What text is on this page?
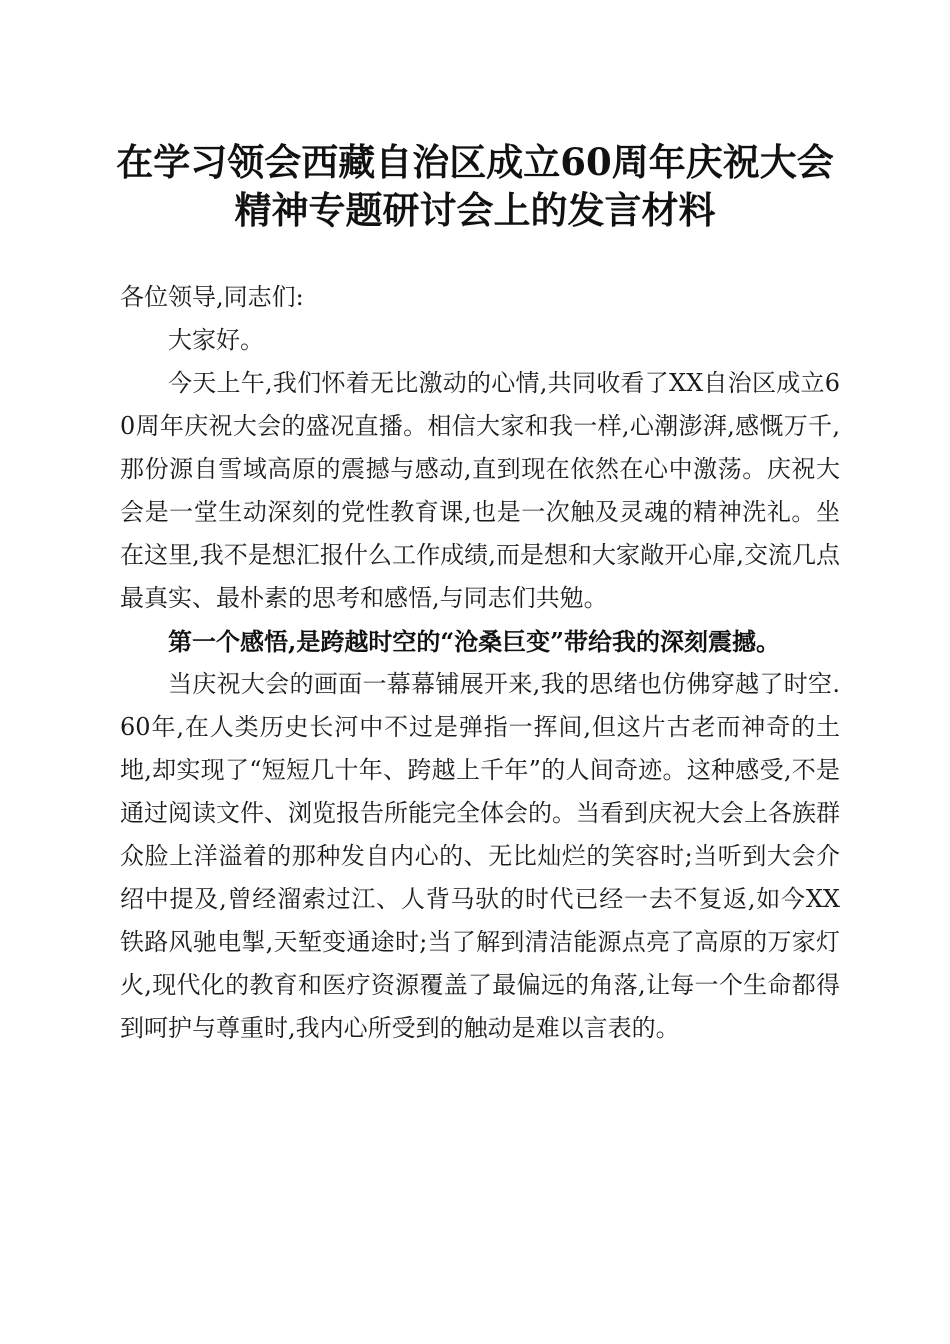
在学习领会西藏自治区成立60周年庆祝大会
精神专题研讨会上的发言材料

各位领导,同志们:

大家好。

今天上午,我们怀着无比激动的心情,共同收看了XX自治区成立60周年庆祝大会的盛况直播。相信大家和我一样,心潮澎湃,感慨万千,那份源自雪域高原的震撼与感动,直到现在依然在心中激荡。庆祝大会是一堂生动深刻的党性教育课,也是一次触及灵魂的精神洗礼。坐在这里,我不是想汇报什么工作成绩,而是想和大家敞开心扉,交流几点最真实、最朴素的思考和感悟,与同志们共勉。

第一个感悟,是跨越时空的“沧桑巨变”带给我的深刻震撼。

当庆祝大会的画面一幕幕铺展开来,我的思绪也仿佛穿越了时空.60年,在人类历史长河中不过是弹指一挥间,但这片古老而神奇的土地,却实现了“短短几十年、跨越上千年”的人间奇迹。这种感受,不是通过阅读文件、浏览报告所能完全体会的。当看到庆祝大会上各族群众脸上洋溢着的那种发自内心的、无比灿烂的笑容时;当听到大会介绍中提及,曾经溜索过江、人背马驮的时代已经一去不复返,如今XX铁路风驰电掣,天堑变通途时;当了解到清洁能源点亮了高原的万家灯火,现代化的教育和医疗资源覆盖了最偏远的角落,让每一个生命都得到呵护与尊重时,我内心所受到的触动是难以言表的。
